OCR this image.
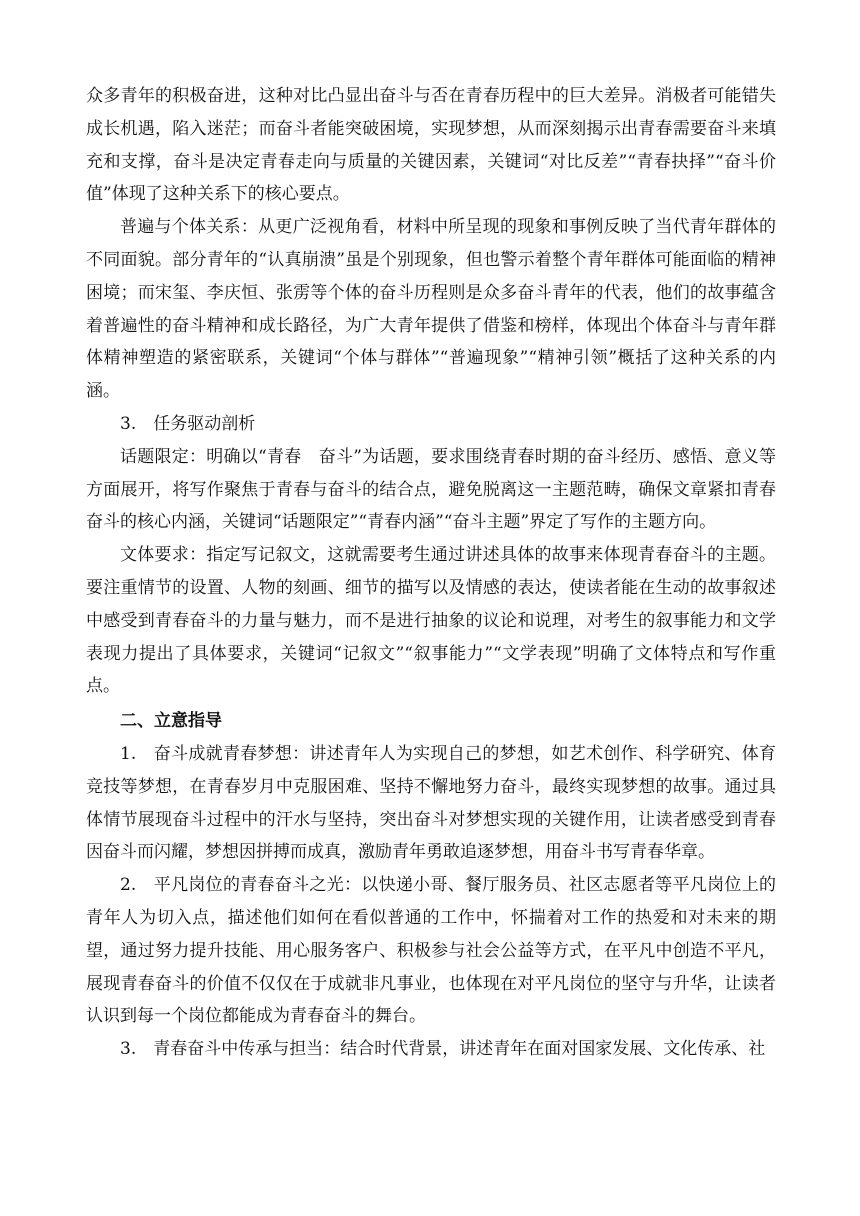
众多青年的积极奋进，这种对比凸显出奋斗与否在青春历程中的巨大差异。消极者可能错失成长机遇，陷入迷茫；而奋斗者能突破困境，实现梦想，从而深刻揭示出青春需要奋斗来填充和支撑，奋斗是决定青春走向与质量的关键因素，关键词“对比反差”“青春抉择”“奋斗价值”体现了这种关系下的核心要点。

普遍与个体关系：从更广泛视角看，材料中所呈现的现象和事例反映了当代青年群体的不同面貌。部分青年的“认真崩溃”虽是个别现象，但也警示着整个青年群体可能面临的精神困境；而宋玺、李庆恒、张雳等个体的奋斗历程则是众多奋斗青年的代表，他们的故事蕴含着普遍性的奋斗精神和成长路径，为广大青年提供了借鉴和榜样，体现出个体奋斗与青年群体精神塑造的紧密联系，关键词“个体与群体”“普遍现象”“精神引领”概括了这种关系的内涵。

3.　任务驱动剖析

话题限定：明确以“青春　奋斗”为话题，要求围绕青春时期的奋斗经历、感悟、意义等方面展开，将写作聚焦于青春与奋斗的结合点，避免脱离这一主题范畴，确保文章紧扣青春奋斗的核心内涵，关键词“话题限定”“青春内涵”“奋斗主题”界定了写作的主题方向。

文体要求：指定写记叙文，这就需要考生通过讲述具体的故事来体现青春奋斗的主题。要注重情节的设置、人物的刻画、细节的描写以及情感的表达，使读者能在生动的故事叙述中感受到青春奋斗的力量与魅力，而不是进行抽象的议论和说理，对考生的叙事能力和文学表现力提出了具体要求，关键词“记叙文”“叙事能力”“文学表现”明确了文体特点和写作重点。

二、立意指导

1.　奋斗成就青春梦想：讲述青年人为实现自己的梦想，如艺术创作、科学研究、体育竞技等梦想，在青春岁月中克服困难、坚持不懈地努力奋斗，最终实现梦想的故事。通过具体情节展现奋斗过程中的汗水与坚持，突出奋斗对梦想实现的关键作用，让读者感受到青春因奋斗而闪耀，梦想因拼搏而成真，激励青年勇敢追逐梦想，用奋斗书写青春华章。

2.　平凡岗位的青春奋斗之光：以快递小哥、餐厅服务员、社区志愿者等平凡岗位上的青年人为切入点，描述他们如何在看似普通的工作中，怀揣着对工作的热爱和对未来的期望，通过努力提升技能、用心服务客户、积极参与社会公益等方式，在平凡中创造不平凡，展现青春奋斗的价值不仅仅在于成就非凡事业，也体现在对平凡岗位的坚守与升华，让读者认识到每一个岗位都能成为青春奋斗的舞台。

3.　青春奋斗中传承与担当：结合时代背景，讲述青年在面对国家发展、文化传承、社
